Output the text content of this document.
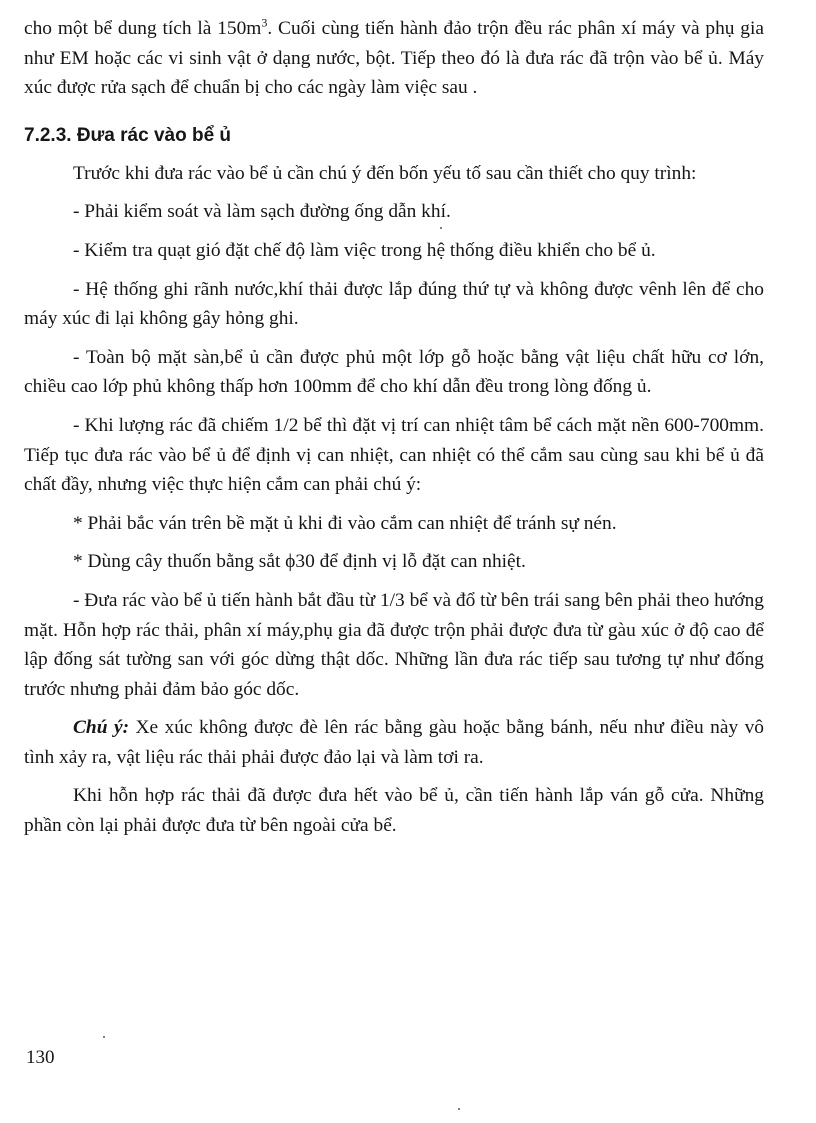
cho một bể dung tích là $150m^3$. Cuối cùng tiến hành đảo trộn đều rác phân xí máy và phụ gia như EM hoặc các vi sinh vật ở dạng nước, bột. Tiếp theo đó là đưa rác đã trộn vào bể ủ. Máy xúc được rửa sạch để chuẩn bị cho các ngày làm việc sau .

7.2.3. Đưa rác vào bể ủ

Trước khi đưa rác vào bể ủ cần chú ý đến bốn yếu tố sau cần thiết cho quy trình:

- Phải kiểm soát và làm sạch đường ống dẫn khí.

- Kiểm tra quạt gió đặt chế độ làm việc trong hệ thống điều khiển cho bể ủ.

- Hệ thống ghi rãnh nước,khí thải được lắp đúng thứ tự và không được vênh lên để cho máy xúc đi lại không gây hỏng ghi.

- Toàn bộ mặt sàn,bể ủ cần được phủ một lớp gỗ hoặc bằng vật liệu chất hữu cơ lớn, chiều cao lớp phủ không thấp hơn 100mm để cho khí dẫn đều trong lòng đống ủ.

- Khi lượng rác đã chiếm 1/2 bể thì đặt vị trí can nhiệt tâm bể cách mặt nền 600-700mm. Tiếp tục đưa rác vào bể ủ để định vị can nhiệt, can nhiệt có thể cắm sau cùng sau khi bể ủ đã chất đầy, nhưng việc thực hiện cắm can phải chú ý:

* Phải bắc ván trên bề mặt ủ khi đi vào cắm can nhiệt để tránh sự nén.

* Dùng cây thuốn bằng sắt ϕ30 để định vị lỗ đặt can nhiệt.

- Đưa rác vào bể ủ tiến hành bắt đầu từ 1/3 bể và đổ từ bên trái sang bên phải theo hướng mặt. Hỗn hợp rác thải, phân xí máy,phụ gia đã được trộn phải được đưa từ gàu xúc ở độ cao để lập đống sát tường san với góc dừng thật dốc. Những lần đưa rác tiếp sau tương tự như đống trước nhưng phải đảm bảo góc dốc.

Chú ý: Xe xúc không được đè lên rác bằng gàu hoặc bằng bánh, nếu như điều này vô tình xảy ra, vật liệu rác thải phải được đảo lại và làm tơi ra.

Khi hỗn hợp rác thải đã được đưa hết vào bể ủ, cần tiến hành lắp ván gỗ cửa. Những phần còn lại phải được đưa từ bên ngoài cửa bể.

130
